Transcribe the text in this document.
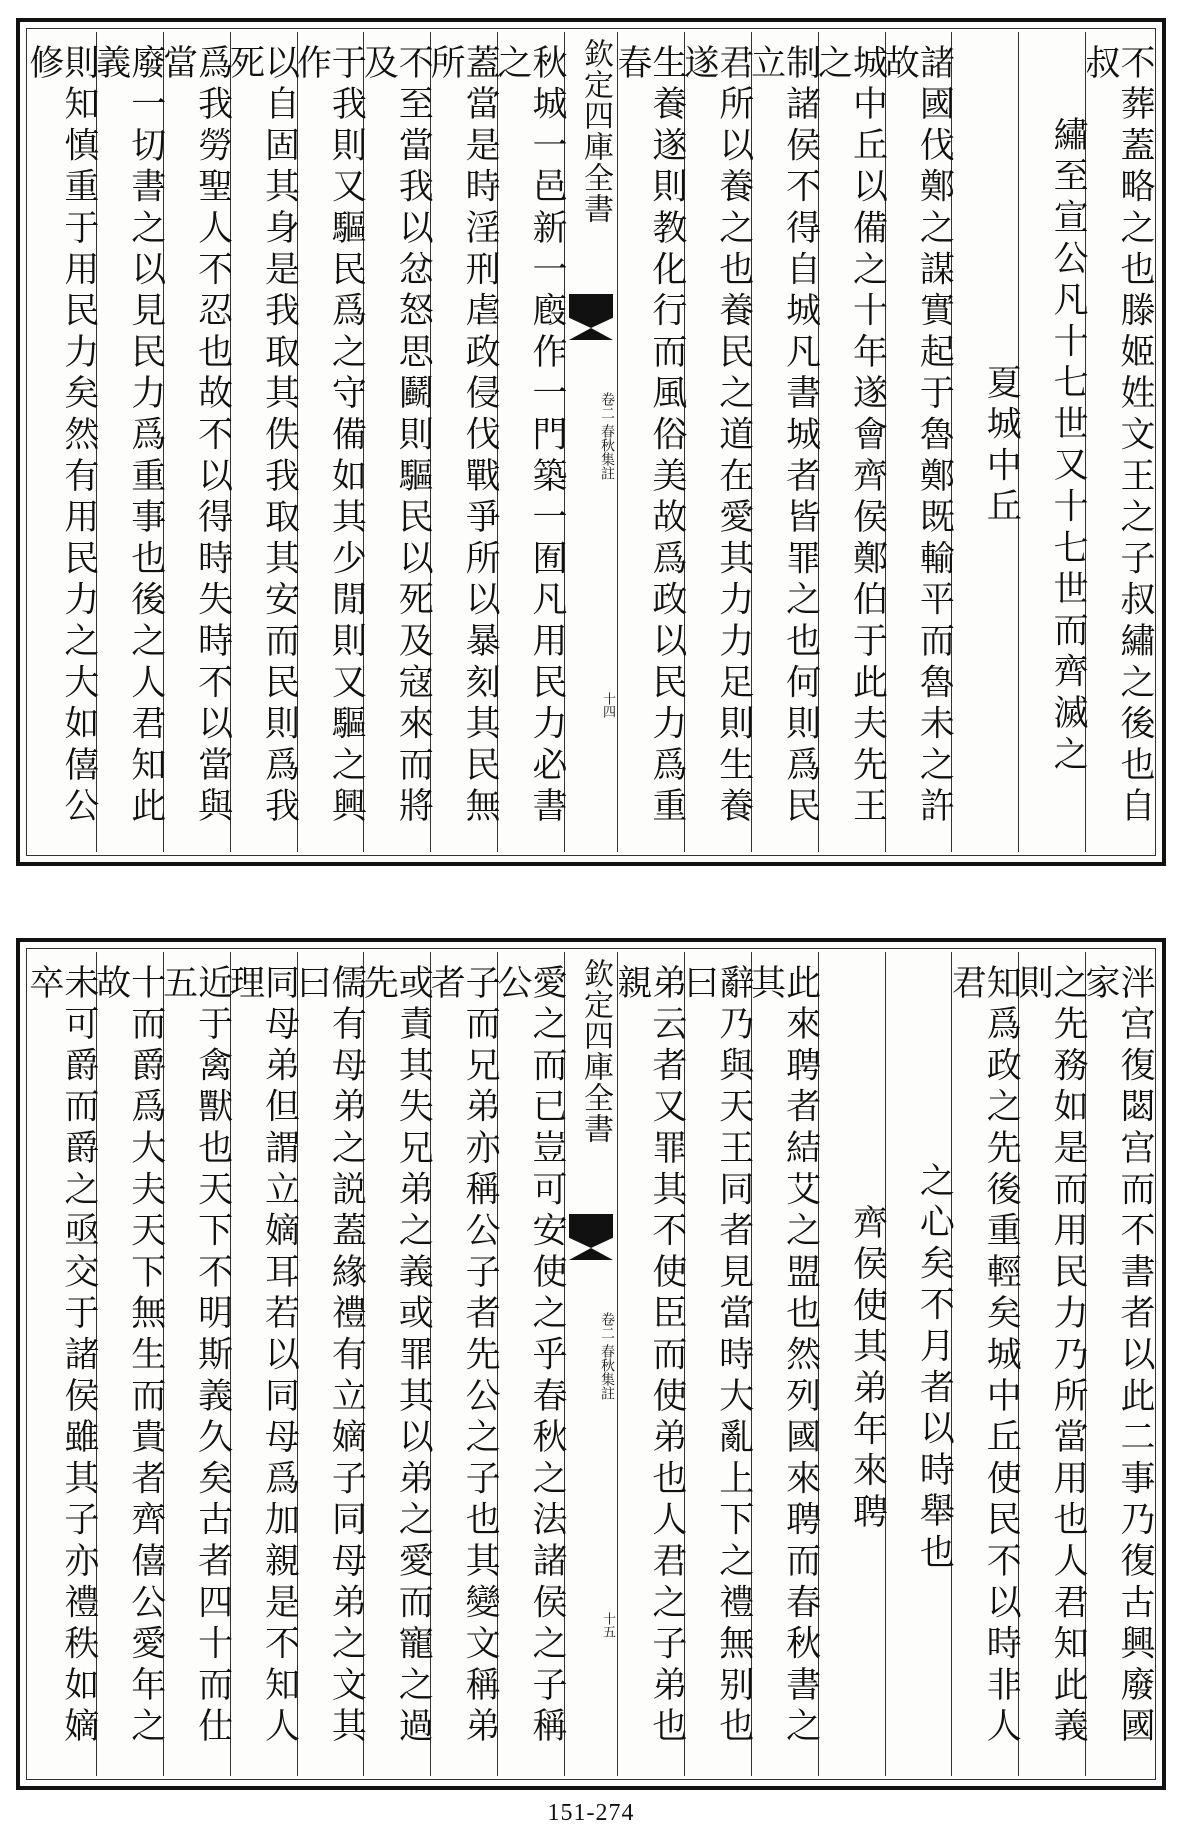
不葬蓋略之也滕姬姓文王之子叔繡之後也自叔
繡至宣公凡十七世又十七世而齊滅之
夏城中丘
諸國伐鄭之謀實起于魯鄭既輸平而魯未之許故
城中丘以備之十年遂會齊侯鄭伯于此夫先王之
制諸侯不得自城凡書城者皆罪之也何則爲民立
君所以養之也養民之道在愛其力力足則生養遂
生養遂則教化行而風俗美故爲政以民力爲重春
欽定四庫全書
春秋集註
卷二
十四
秋城一邑新一廏作一門築一囿凡用民力必書之
蓋當是時淫刑虐政侵伐戰爭所以暴刻其民無所
不至當我以忿怒思鬬則驅民以死及寇來而將及
于我則又驅民爲之守備如其少閒則又驅之興作
以自固其身是我取其佚我取其安而民則爲我死
爲我勞聖人不忍也故不以得時失時不以當與當
廢一切書之以見民力爲重事也後之人君知此義
則知慎重于用民力矣然有用民力之大如僖公修
泮宫復閟宫而不書者以此二事乃復古興廢國家
之先務如是而用民力乃所當用也人君知此義則
知爲政之先後重輕矣城中丘使民不以時非人君
之心矣不月者以時舉也
齊侯使其弟年來聘
此來聘者結艾之盟也然列國來聘而春秋書之其
辭乃與天王同者見當時大亂上下之禮無别也曰
弟云者又罪其不使臣而使弟也人君之子弟也親
欽定四庫全書
春秋集註
卷二
十五
愛之而已豈可安使之乎春秋之法諸侯之子稱公
子而兄弟亦稱公子者先公之子也其變文稱弟者
或責其失兄弟之義或罪其以弟之愛而寵之過先
儒有母弟之説蓋緣禮有立嫡子同母弟之文其曰
同母弟但謂立嫡耳若以同母爲加親是不知人理
近于禽獸也天下不明斯義久矣古者四十而仕五
十而爵爲大夫天下無生而貴者齊僖公愛年之故
未可爵而爵之亟交于諸侯雖其子亦禮秩如嫡卒
151-274
